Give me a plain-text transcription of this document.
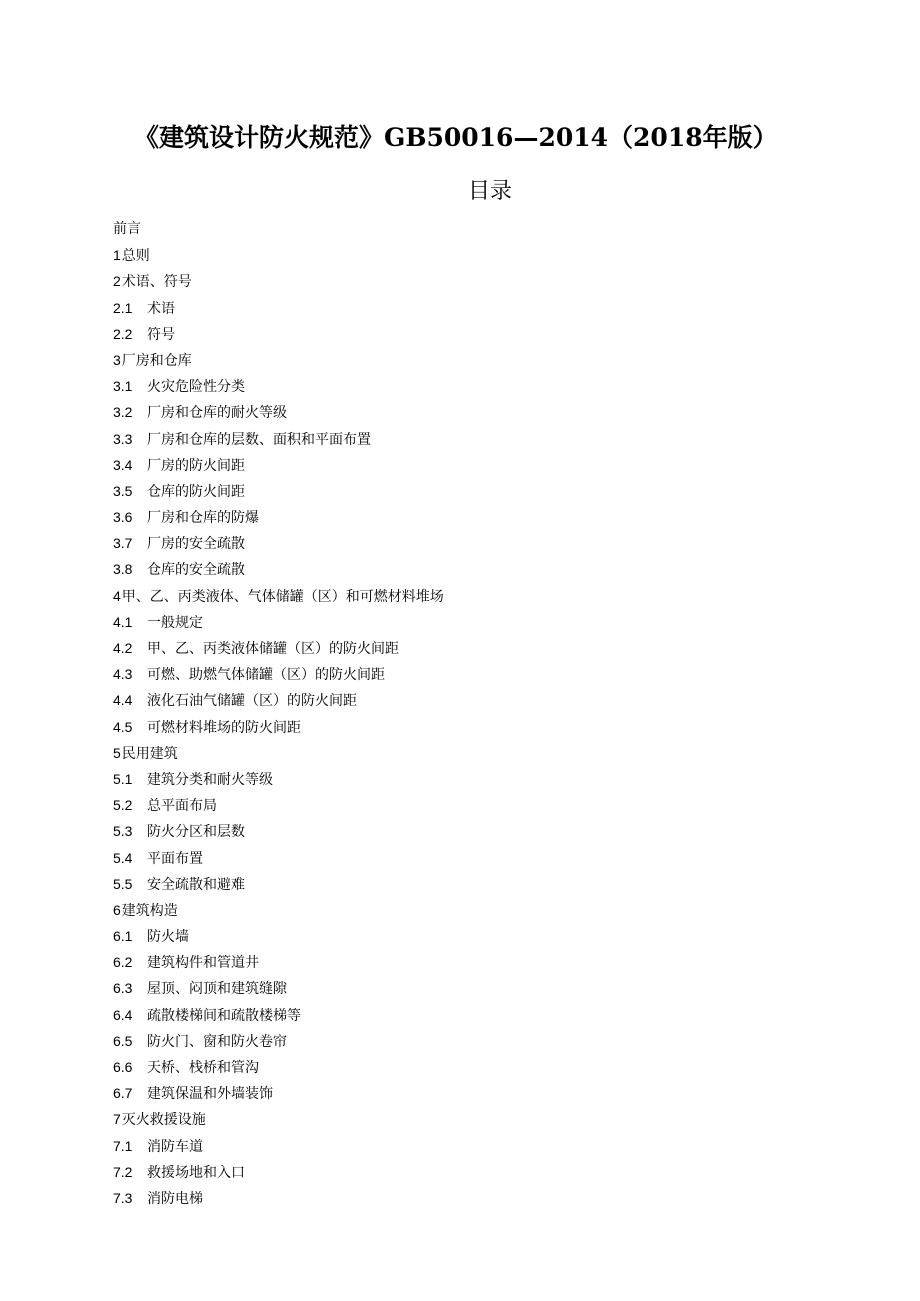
《建筑设计防火规范》GB50016—2014（2018年版）
目录
前言
1总则
2术语、符号
2.1 术语
2.2 符号
3厂房和仓库
3.1 火灾危险性分类
3.2 厂房和仓库的耐火等级
3.3 厂房和仓库的层数、面积和平面布置
3.4 厂房的防火间距
3.5 仓库的防火间距
3.6 厂房和仓库的防爆
3.7 厂房的安全疏散
3.8 仓库的安全疏散
4甲、乙、丙类液体、气体储罐（区）和可燃材料堆场
4.1 一般规定
4.2 甲、乙、丙类液体储罐（区）的防火间距
4.3 可燃、助燃气体储罐（区）的防火间距
4.4 液化石油气储罐（区）的防火间距
4.5 可燃材料堆场的防火间距
5民用建筑
5.1 建筑分类和耐火等级
5.2 总平面布局
5.3 防火分区和层数
5.4 平面布置
5.5 安全疏散和避难
6建筑构造
6.1 防火墙
6.2 建筑构件和管道井
6.3 屋顶、闷顶和建筑缝隙
6.4 疏散楼梯间和疏散楼梯等
6.5 防火门、窗和防火卷帘
6.6 天桥、栈桥和管沟
6.7 建筑保温和外墙装饰
7灭火救援设施
7.1 消防车道
7.2 救援场地和入口
7.3 消防电梯
